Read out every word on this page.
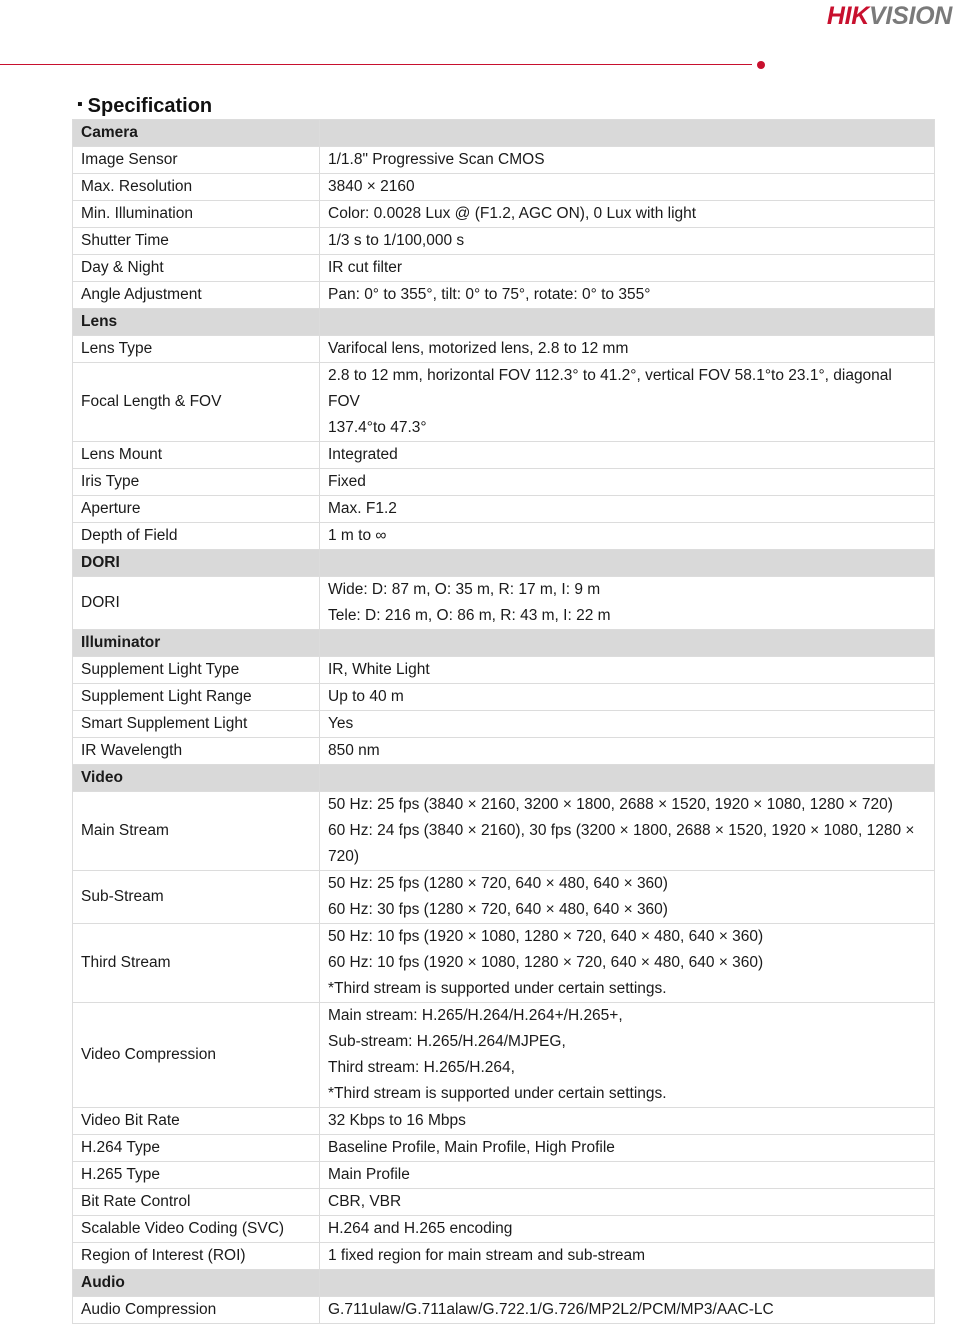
HIKVISION
▪ Specification
Camera	
Image Sensor	1/1.8" Progressive Scan CMOS

Max. Resolution	3840 × 2160

Min. Illumination	Color: 0.0028 Lux @ (F1.2, AGC ON), 0 Lux with light

Shutter Time	1/3 s to 1/100,000 s

Day & Night	IR cut filter

Angle Adjustment	Pan: 0° to 355°, tilt: 0° to 75°, rotate: 0° to 355°

Lens	
Lens Type	Varifocal lens, motorized lens, 2.8 to 12 mm

Focal Length & FOV	2.8 to 12 mm, horizontal FOV 112.3° to 41.2°, vertical FOV 58.1°to 23.1°, diagonal FOV
137.4°to 47.3°

Lens Mount	Integrated

Iris Type	Fixed

Aperture	Max. F1.2

Depth of Field	1 m to ∞

DORI	
DORI	Wide: D: 87 m, O: 35 m, R: 17 m, I: 9 m
Tele: D: 216 m, O: 86 m, R: 43 m, I: 22 m

Illuminator	
Supplement Light Type	IR, White Light

Supplement Light Range	Up to 40 m

Smart Supplement Light	Yes

IR Wavelength	850 nm

Video	
Main Stream	50 Hz: 25 fps (3840 × 2160, 3200 × 1800, 2688 × 1520, 1920 × 1080, 1280 × 720)
60 Hz: 24 fps (3840 × 2160), 30 fps (3200 × 1800, 2688 × 1520, 1920 × 1080, 1280 ×
720)

Sub-Stream	50 Hz: 25 fps (1280 × 720, 640 × 480, 640 × 360)
60 Hz: 30 fps (1280 × 720, 640 × 480, 640 × 360)

Third Stream	50 Hz: 10 fps (1920 × 1080, 1280 × 720, 640 × 480, 640 × 360)
60 Hz: 10 fps (1920 × 1080, 1280 × 720, 640 × 480, 640 × 360)
*Third stream is supported under certain settings.

Video Compression	Main stream: H.265/H.264/H.264+/H.265+,
Sub-stream: H.265/H.264/MJPEG,
Third stream: H.265/H.264,
*Third stream is supported under certain settings.

Video Bit Rate	32 Kbps to 16 Mbps

H.264 Type	Baseline Profile, Main Profile, High Profile

H.265 Type	Main Profile

Bit Rate Control	CBR, VBR

Scalable Video Coding (SVC)	H.264 and H.265 encoding

Region of Interest (ROI)	1 fixed region for main stream and sub-stream

Audio	
Audio Compression	G.711ulaw/G.711alaw/G.722.1/G.726/MP2L2/PCM/MP3/AAC-LC
